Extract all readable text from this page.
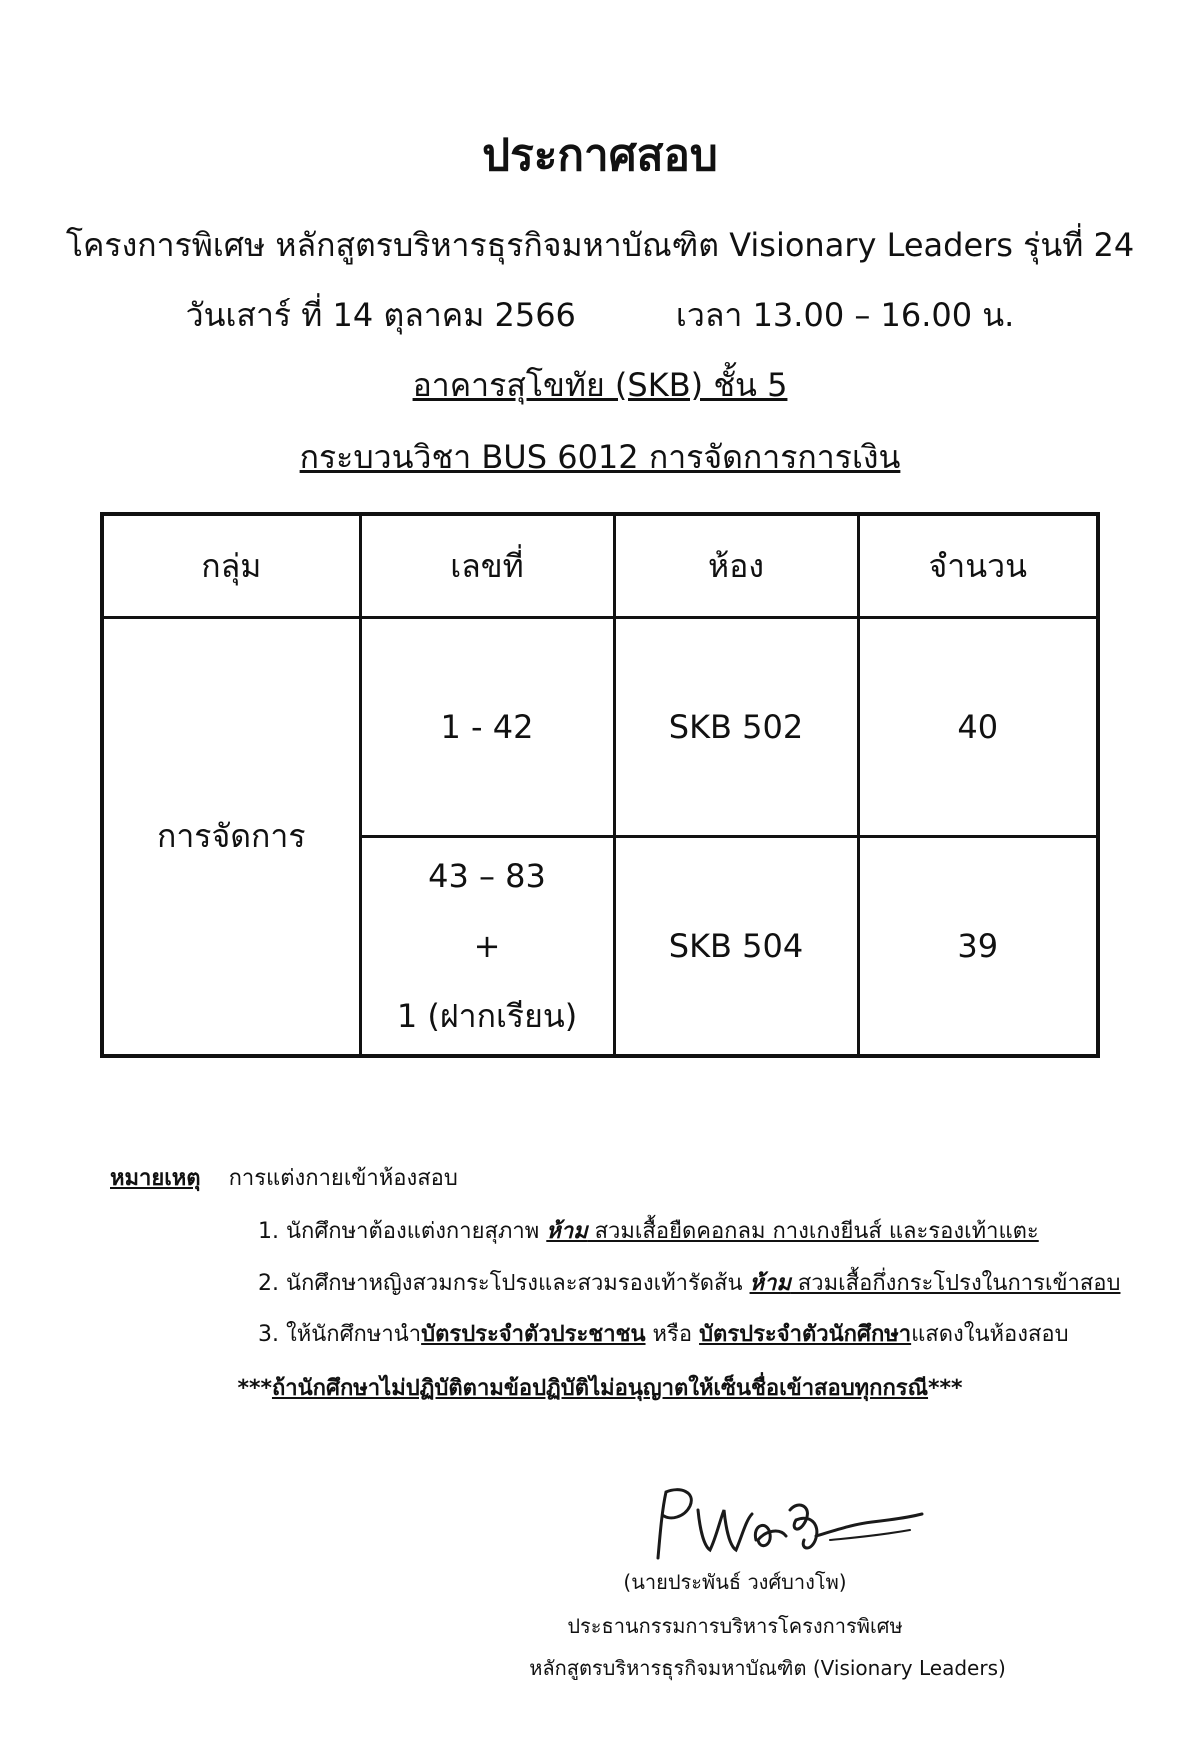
ประกาศสอบ
โครงการพิเศษ หลักสูตรบริหารธุรกิจมหาบัณฑิต Visionary Leaders รุ่นที่ 24
วันเสาร์ ที่ 14 ตุลาคม 2566	เวลา 13.00 – 16.00 น.
อาคารสุโขทัย (SKB) ชั้น 5
กระบวนวิชา BUS 6012 การจัดการการเงิน
กลุ่ม	เลขที่	ห้อง	จำนวน
การจัดการ	1 - 42	SKB 502	40

	43 – 83
+
1 (ฝากเรียน)	SKB 504	39
หมายเหตุ การแต่งกายเข้าห้องสอบ
1. นักศึกษาต้องแต่งกายสุภาพ ห้าม สวมเสื้อยืดคอกลม กางเกงยีนส์ และรองเท้าแตะ
2. นักศึกษาหญิงสวมกระโปรงและสวมรองเท้ารัดส้น ห้าม สวมเสื้อกึ่งกระโปรงในการเข้าสอบ
3. ให้นักศึกษานำบัตรประจำตัวประชาชน หรือ บัตรประจำตัวนักศึกษาแสดงในห้องสอบ
***ถ้านักศึกษาไม่ปฏิบัติตามข้อปฏิบัติไม่อนุญาตให้เซ็นชื่อเข้าสอบทุกกรณี***
(นายประพันธ์ วงศ์บางโพ)
ประธานกรรมการบริหารโครงการพิเศษ
หลักสูตรบริหารธุรกิจมหาบัณฑิต (Visionary Leaders)
